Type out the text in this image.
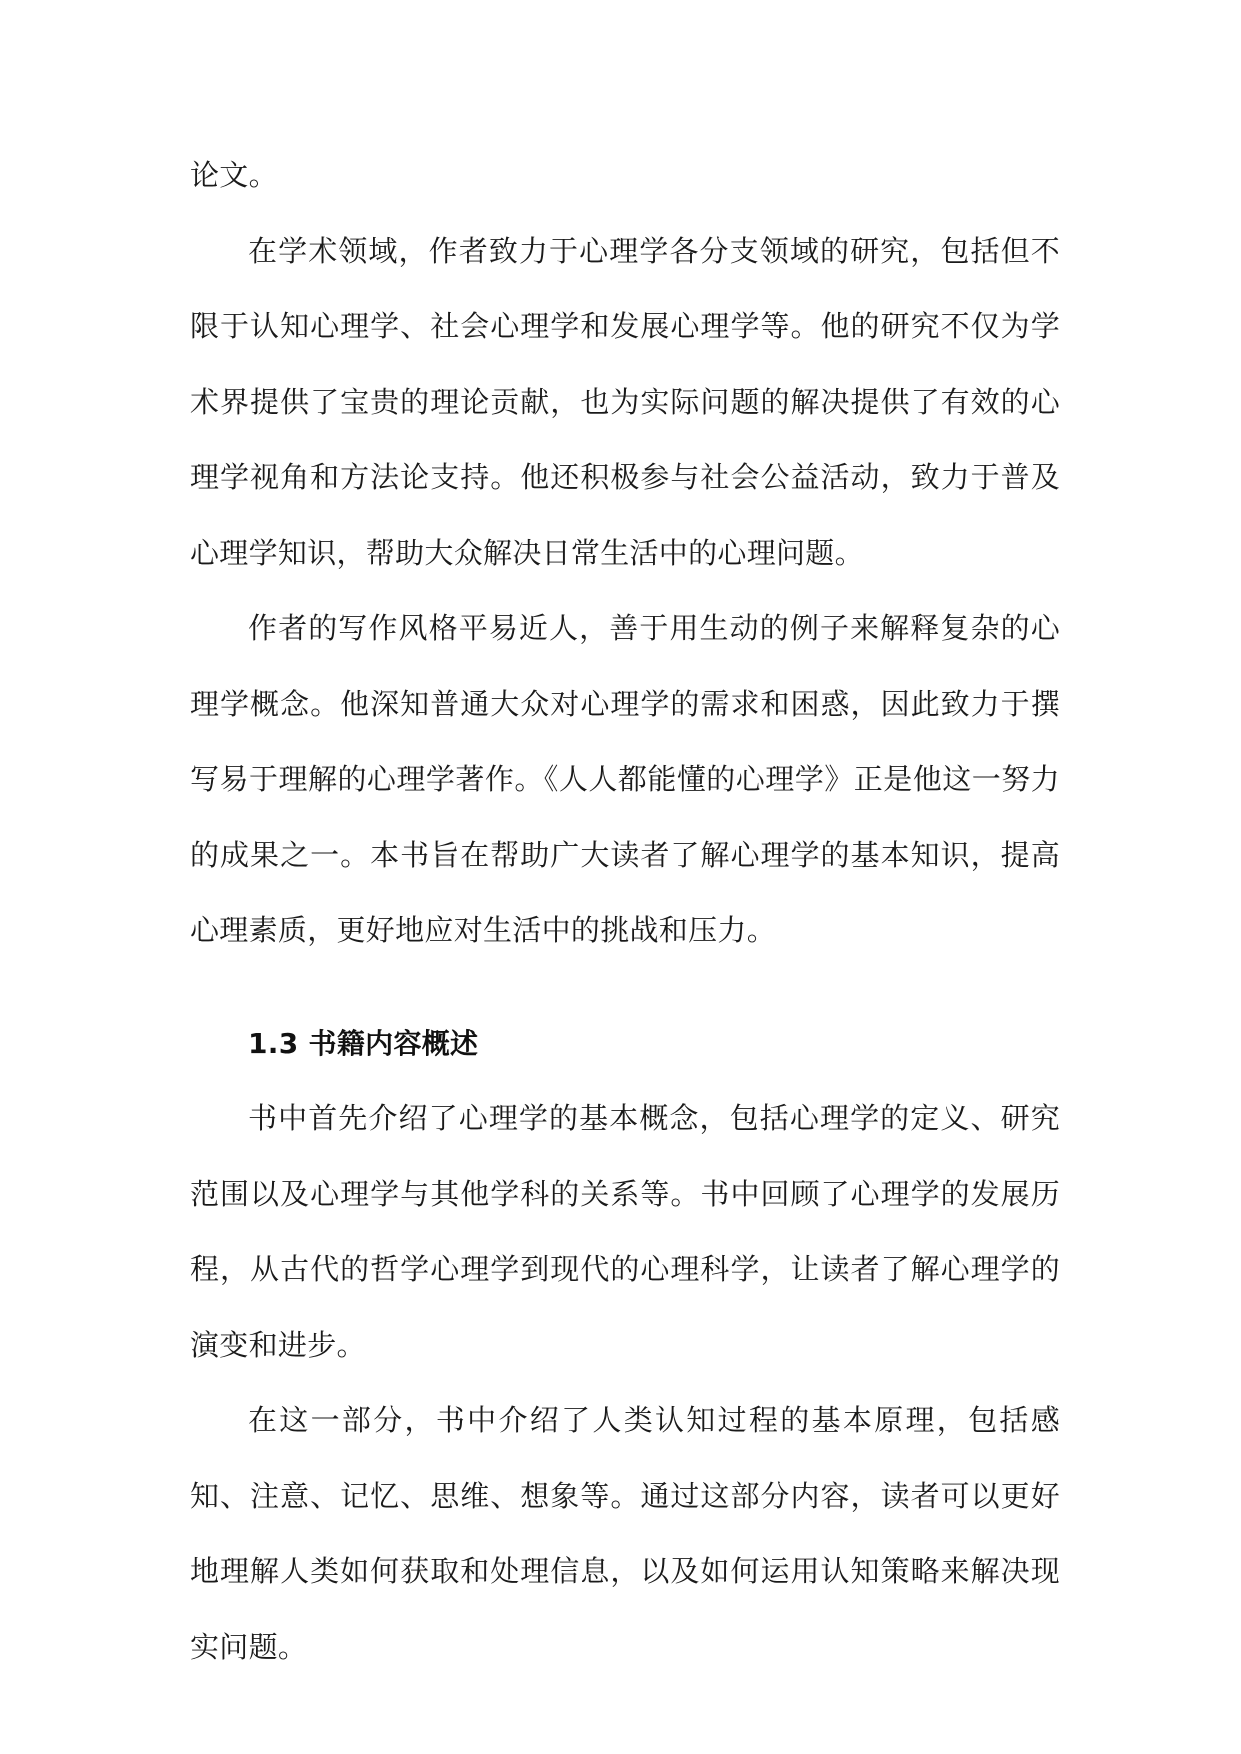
论文。

在学术领域，作者致力于心理学各分支领域的研究，包括但不限于认知心理学、社会心理学和发展心理学等。他的研究不仅为学术界提供了宝贵的理论贡献，也为实际问题的解决提供了有效的心理学视角和方法论支持。他还积极参与社会公益活动，致力于普及心理学知识，帮助大众解决日常生活中的心理问题。

作者的写作风格平易近人，善于用生动的例子来解释复杂的心理学概念。他深知普通大众对心理学的需求和困惑，因此致力于撰写易于理解的心理学著作。《人人都能懂的心理学》正是他这一努力的成果之一。本书旨在帮助广大读者了解心理学的基本知识，提高心理素质，更好地应对生活中的挑战和压力。

1.3 书籍内容概述

书中首先介绍了心理学的基本概念，包括心理学的定义、研究范围以及心理学与其他学科的关系等。书中回顾了心理学的发展历程，从古代的哲学心理学到现代的心理科学，让读者了解心理学的演变和进步。

在这一部分，书中介绍了人类认知过程的基本原理，包括感知、注意、记忆、思维、想象等。通过这部分内容，读者可以更好地理解人类如何获取和处理信息，以及如何运用认知策略来解决现实问题。
